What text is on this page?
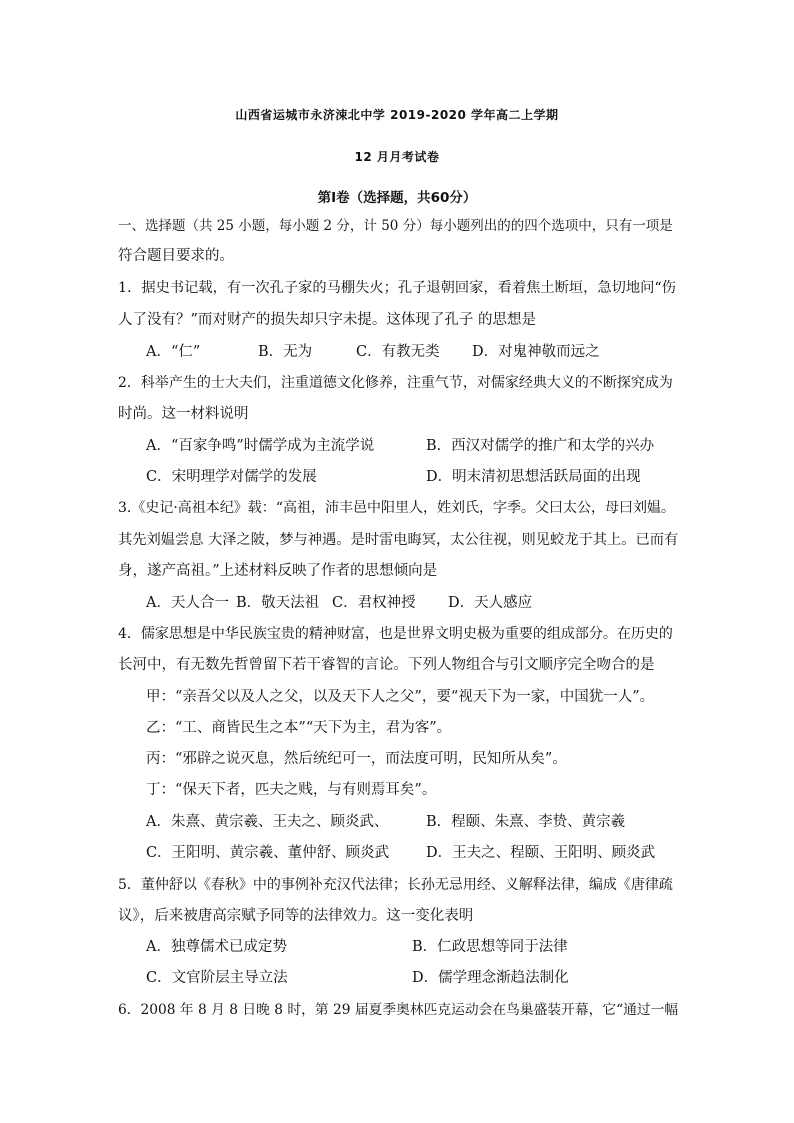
山西省运城市永济涑北中学 2019-2020 学年高二上学期
12 月月考试卷
第Ⅰ卷（选择题，共60分）
一、选择题（共 25 小题，每小题 2 分，计 50 分）每小题列出的的四个选项中，只有一项是
符合题目要求的。
1．据史书记载，有一次孔子家的马棚失火；孔子退朝回家，看着焦土断垣，急切地问“伤
人了没有？”而对财产的损失却只字未提。这体现了孔子 的思想是
A．“仁”	B．无为	C．有教无类 D．对鬼神敬而远之
2．科举产生的士大夫们，注重道德文化修养，注重气节，对儒家经典大义的不断探究成为
时尚。这一材料说明
A．“百家争鸣”时儒学成为主流学说	B．西汉对儒学的推广和太学的兴办
C．宋明理学对儒学的发展	D．明末清初思想活跃局面的出现
3.《史记·高祖本纪》载：“高祖，沛丰邑中阳里人，姓刘氏，字季。父曰太公，母曰刘媪。
其先刘媪尝息 大泽之陂，梦与神遇。是时雷电晦冥，太公往视，则见蛟龙于其上。已而有
身，遂产高祖。”上述材料反映了作者的思想倾向是
A．天人合一 B．敬天法祖 C．君权神授 D．天人感应
4．儒家思想是中华民族宝贵的精神财富，也是世界文明史极为重要的组成部分。在历史的
长河中，有无数先哲曾留下若干睿智的言论。下列人物组合与引文顺序完全吻合的是
甲：“亲吾父以及人之父，以及天下人之父”，要“视天下为一家，中国犹一人”。
乙：“工、商皆民生之本”“天下为主，君为客”。
丙：“邪辟之说灭息，然后统纪可一，而法度可明，民知所从矣”。
丁：“保天下者，匹夫之贱，与有则焉耳矣”。
A．朱熹、黄宗羲、王夫之、顾炎武、	B．程颐、朱熹、李贽、黄宗羲
C．王阳明、黄宗羲、董仲舒、顾炎武	D．王夫之、程颐、王阳明、顾炎武
5．董仲舒以《春秋》中的事例补充汉代法律；长孙无忌用经、义解释法律，编成《唐律疏
议》，后来被唐高宗赋予同等的法律效力。这一变化表明
A．独尊儒术已成定势	B．仁政思想等同于法律
C．文官阶层主导立法	D．儒学理念渐趋法制化
6．2008 年 8 月 8 日晚 8 时，第 29 届夏季奥林匹克运动会在鸟巢盛装开幕，它“通过一幅
